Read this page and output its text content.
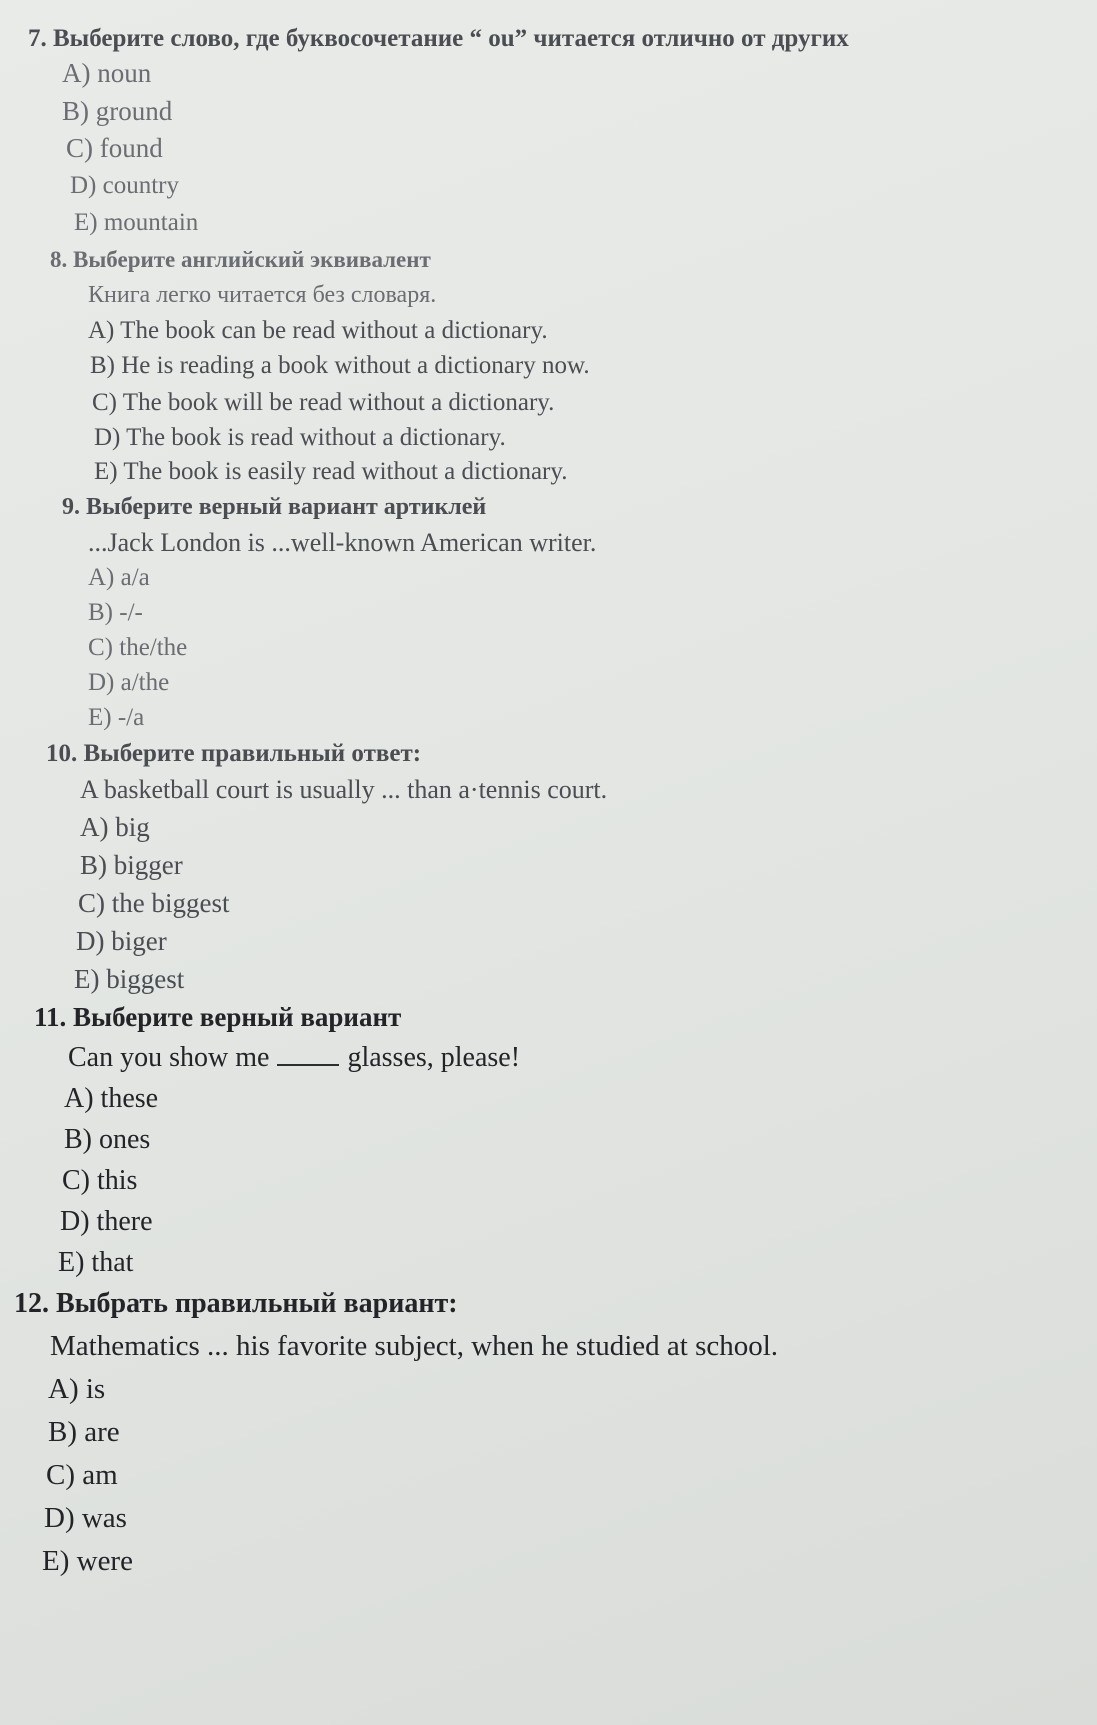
7. Выберите слово, где буквосочетание “ ou” читается отлично от других
A) noun
B) ground
C) found
D) country
E) mountain
8. Выберите английский эквивалент
Книга легко читается без словаря.
A) The book can be read without a dictionary.
B) He is reading a book without a dictionary now.
C) The book will be read without a dictionary.
D) The book is read without a dictionary.
E) The book is easily read without a dictionary.
9. Выберите верный вариант артиклей
...Jack London is ...well-known American writer.
A) a/a
B) -/-
C) the/the
D) a/the
E) -/a
10. Выберите правильный ответ:
A basketball court is usually ... than a·tennis court.
A) big
B) bigger
C) the biggest
D) biger
E) biggest
11. Выберите верный вариант
Can you show me	glasses, please!
A) these
B) ones
C) this
D) there
E) that
12. Выбрать правильный вариант:
Mathematics ... his favorite subject, when he studied at school.
A) is
B) are
C) am
D) was
E) were
